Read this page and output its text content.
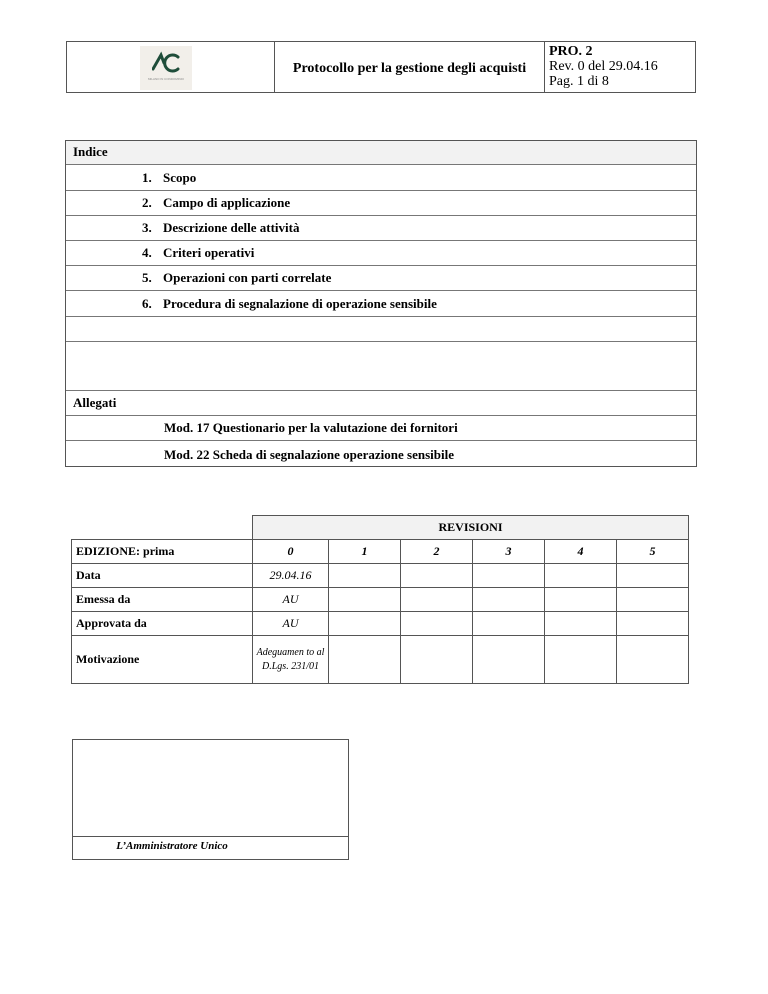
MILANO IN CONDOMINIO
Protocollo per la gestione degli acquisti
PRO. 2
Rev. 0 del 29.04.16
Pag. 1 di 8
Indice
1. Scopo
2. Campo di applicazione
3. Descrizione delle attività
4. Criteri operativi
5. Operazioni con parti correlate
6. Procedura di segnalazione di operazione sensibile
Allegati
Mod. 17 Questionario per la valutazione dei fornitori
Mod. 22 Scheda di segnalazione operazione sensibile
	REVISIONI					
EDIZIONE: prima	0	1	2	3	4	5
Data	29.04.16					
Emessa da	AU					
Approvata da	AU					
Motivazione	Adeguamen to al D.Lgs. 231/01					

L’Amministratore Unico
